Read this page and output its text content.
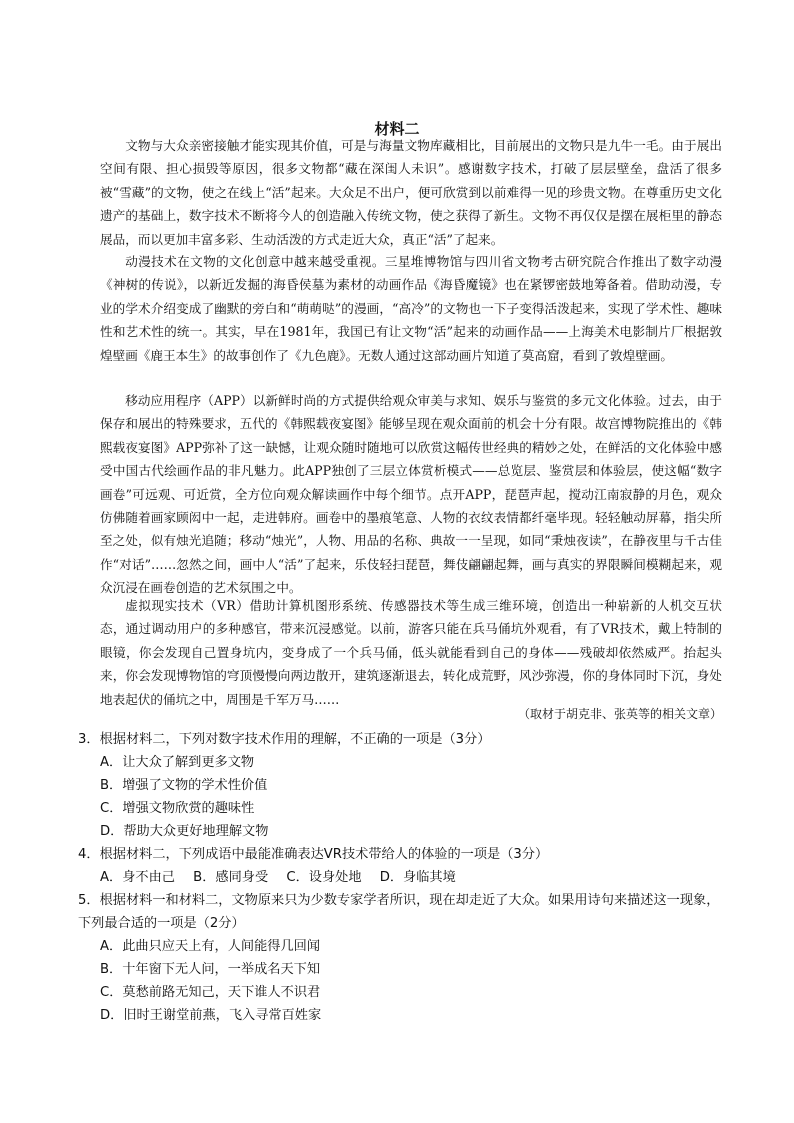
材料二

文物与大众亲密接触才能实现其价值，可是与海量文物库藏相比，目前展出的文物只是九牛一毛。由于展出空间有限、担心损毁等原因，很多文物都“藏在深闺人未识”。感谢数字技术，打破了层层壁垒，盘活了很多被“雪藏”的文物，使之在线上“活”起来。大众足不出户，便可欣赏到以前难得一见的珍贵文物。在尊重历史文化遗产的基础上，数字技术不断将今人的创造融入传统文物，使之获得了新生。文物不再仅仅是摆在展柜里的静态展品，而以更加丰富多彩、生动活泼的方式走近大众，真正“活”了起来。

动漫技术在文物的文化创意中越来越受重视。三星堆博物馆与四川省文物考古研究院合作推出了数字动漫《神树的传说》，以新近发掘的海昏侯墓为素材的动画作品《海昏魔镜》也在紧锣密鼓地筹备着。借助动漫，专业的学术介绍变成了幽默的旁白和“萌萌哒”的漫画，“高冷”的文物也一下子变得活泼起来，实现了学术性、趣味性和艺术性的统一。其实，早在1981年，我国已有让文物“活”起来的动画作品——上海美术电影制片厂根据敦煌壁画《鹿王本生》的故事创作了《九色鹿》。无数人通过这部动画片知道了莫高窟，看到了敦煌壁画。

移动应用程序（APP）以新鲜时尚的方式提供给观众审美与求知、娱乐与鉴赏的多元文化体验。过去，由于保存和展出的特殊要求，五代的《韩熙载夜宴图》能够呈现在观众面前的机会十分有限。故宫博物院推出的《韩熙载夜宴图》APP弥补了这一缺憾，让观众随时随地可以欣赏这幅传世经典的精妙之处，在鲜活的文化体验中感受中国古代绘画作品的非凡魅力。此APP独创了三层立体赏析模式——总览层、鉴赏层和体验层，使这幅“数字画卷”可远观、可近赏，全方位向观众解读画作中每个细节。点开APP，琵琶声起，搅动江南寂静的月色，观众仿佛随着画家顾闳中一起，走进韩府。画卷中的墨痕笔意、人物的衣纹表情都纤毫毕现。轻轻触动屏幕，指尖所至之处，似有烛光追随；移动“烛光”，人物、用品的名称、典故一一呈现，如同“秉烛夜读”，在静夜里与千古佳作“对话”……忽然之间，画中人“活”了起来，乐伎轻扫琵琶，舞伎翩翩起舞，画与真实的界限瞬间模糊起来，观众沉浸在画卷创造的艺术氛围之中。

虚拟现实技术（VR）借助计算机图形系统、传感器技术等生成三维环境，创造出一种崭新的人机交互状态，通过调动用户的多种感官，带来沉浸感觉。以前，游客只能在兵马俑坑外观看，有了VR技术，戴上特制的眼镜，你会发现自己置身坑内，变身成了一个兵马俑，低头就能看到自己的身体——残破却依然威严。抬起头来，你会发现博物馆的穹顶慢慢向两边散开，建筑逐渐退去，转化成荒野，风沙弥漫，你的身体同时下沉，身处地表起伏的俑坑之中，周围是千军万马……

（取材于胡克非、张英等的相关文章）

3．根据材料二，下列对数字技术作用的理解，不正确的一项是（3分）

A．让大众了解到更多文物

B．增强了文物的学术性价值

C．增强文物欣赏的趣味性

D．帮助大众更好地理解文物

4．根据材料二，下列成语中最能准确表达VR技术带给人的体验的一项是（3分）

A．身不由己 B．感同身受 C．设身处地 D．身临其境

5．根据材料一和材料二，文物原来只为少数专家学者所识，现在却走近了大众。如果用诗句来描述这一现象，下列最合适的一项是（2分）

A．此曲只应天上有，人间能得几回闻

B．十年窗下无人问，一举成名天下知

C．莫愁前路无知己，天下谁人不识君

D．旧时王谢堂前燕，飞入寻常百姓家
